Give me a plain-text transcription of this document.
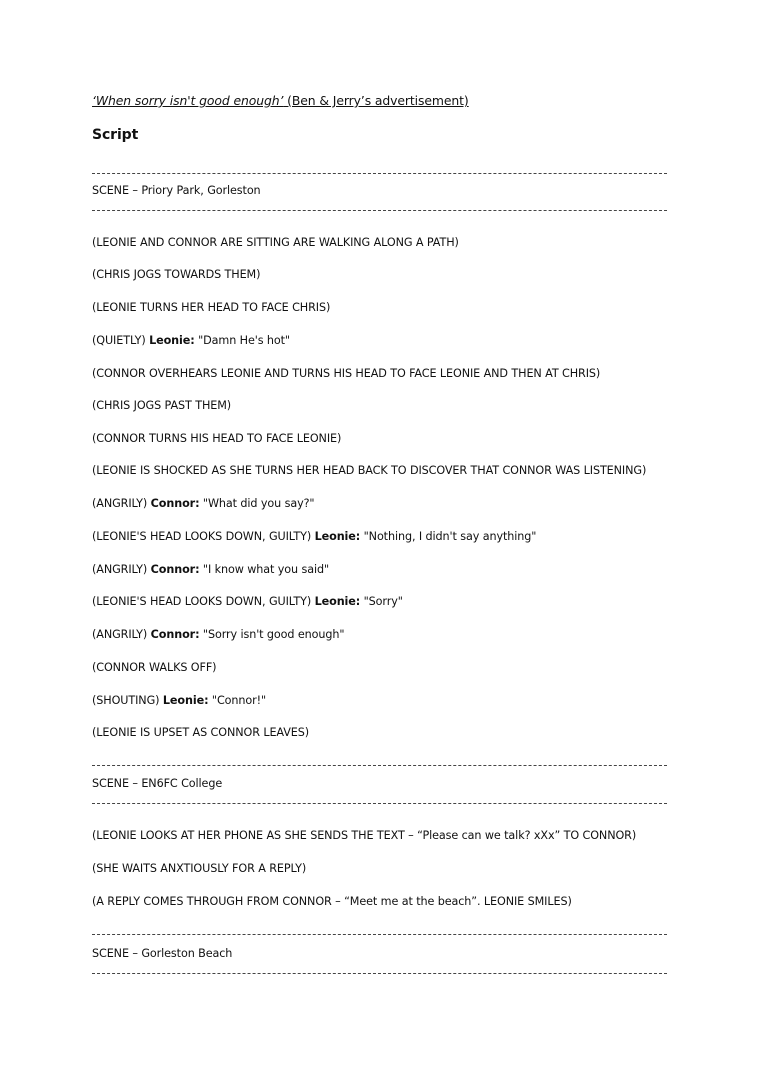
‘When sorry isn't good enough’ (Ben & Jerry’s advertisement)
Script
SCENE – Priory Park, Gorleston
(LEONIE AND CONNOR ARE SITTING ARE WALKING ALONG A PATH)
(CHRIS JOGS TOWARDS THEM)
(LEONIE TURNS HER HEAD TO FACE CHRIS)
(QUIETLY) Leonie: "Damn He's hot"
(CONNOR OVERHEARS LEONIE AND TURNS HIS HEAD TO FACE LEONIE AND THEN AT CHRIS)
(CHRIS JOGS PAST THEM)
(CONNOR TURNS HIS HEAD TO FACE LEONIE)
(LEONIE IS SHOCKED AS SHE TURNS HER HEAD BACK TO DISCOVER THAT CONNOR WAS LISTENING)
(ANGRILY) Connor: "What did you say?"
(LEONIE'S HEAD LOOKS DOWN, GUILTY) Leonie: "Nothing, I didn't say anything"
(ANGRILY) Connor: "I know what you said"
(LEONIE'S HEAD LOOKS DOWN, GUILTY) Leonie: "Sorry"
(ANGRILY) Connor: "Sorry isn't good enough"
(CONNOR WALKS OFF)
(SHOUTING) Leonie: "Connor!"
(LEONIE IS UPSET AS CONNOR LEAVES)
SCENE – EN6FC College
(LEONIE LOOKS AT HER PHONE AS SHE SENDS THE TEXT – “Please can we talk? xXx” TO CONNOR)
(SHE WAITS ANXTIOUSLY FOR A REPLY)
(A REPLY COMES THROUGH FROM CONNOR – “Meet me at the beach”. LEONIE SMILES)
SCENE – Gorleston Beach
